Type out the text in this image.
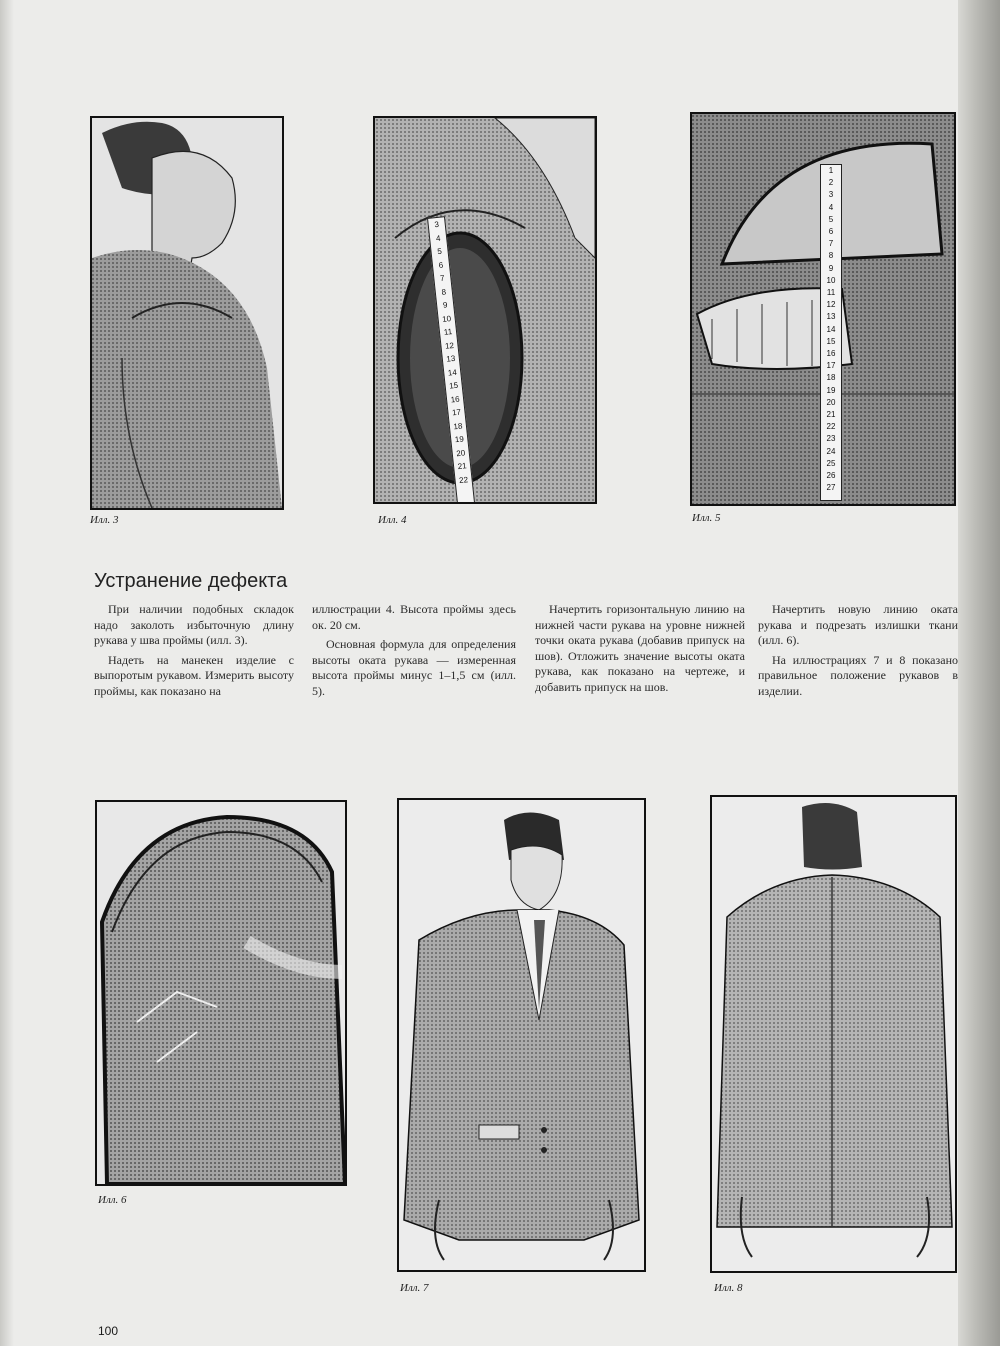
Илл. 3
3
4
5
6
7
8
9
10
11
12
13
14
15
16
17
18
19
20
21
22
Илл. 4
1
2
3
4
5
6
7
8
9
10
11
12
13
14
15
16
17
18
19
20
21
22
23
24
25
26
27
Илл. 5
Устранение дефекта

При наличии подобных складок надо заколоть избыточную длину рукава у шва проймы (илл. 3).

Надеть на манекен изделие с выпоротым рукавом. Измерить высоту проймы, как показано на

иллюстрации 4. Высота проймы здесь ок. 20 см.

Основная формула для определения высоты оката рукава — измеренная высота проймы минус 1–1,5 см (илл. 5).

Начертить горизонтальную линию на нижней части рукава на уровне нижней точки оката рукава (добавив припуск на шов). Отложить значение высоты оката рукава, как показано на чертеже, и добавить припуск на шов.

Начертить новую линию оката рукава и подрезать излишки ткани (илл. 6).

На иллюстрациях 7 и 8 показано правильное положение рукавов в изделии.

Илл. 6
Илл. 7	Илл. 8
100
